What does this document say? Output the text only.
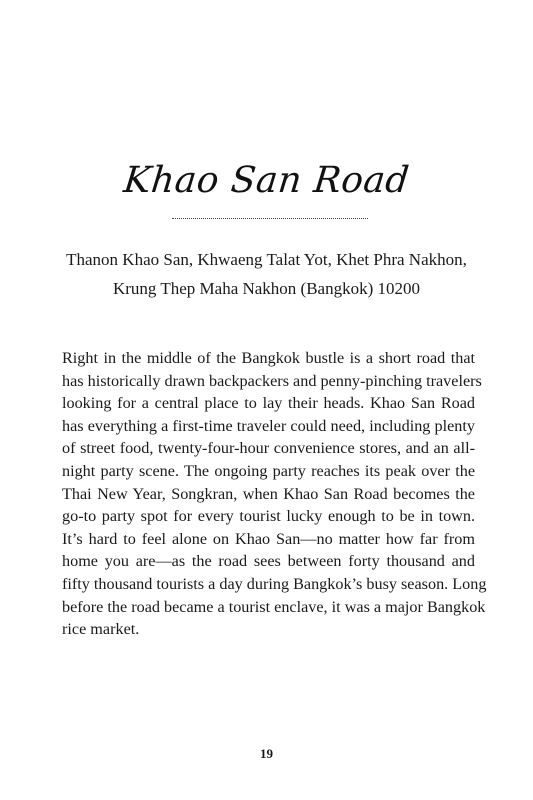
Khao San Road
Thanon Khao San, Khwaeng Talat Yot, Khet Phra Nakhon,
Krung Thep Maha Nakhon (Bangkok) 10200
Right in the middle of the Bangkok bustle is a short road that
has historically drawn backpackers and penny-pinching travelers
looking for a central place to lay their heads. Khao San Road
has everything a first-time traveler could need, including plenty
of street food, twenty-four-hour convenience stores, and an all-
night party scene. The ongoing party reaches its peak over the
Thai New Year, Songkran, when Khao San Road becomes the
go-to party spot for every tourist lucky enough to be in town.
It’s hard to feel alone on Khao San—no matter how far from
home you are—as the road sees between forty thousand and
fifty thousand tourists a day during Bangkok’s busy season. Long
before the road became a tourist enclave, it was a major Bangkok
rice market.
19
